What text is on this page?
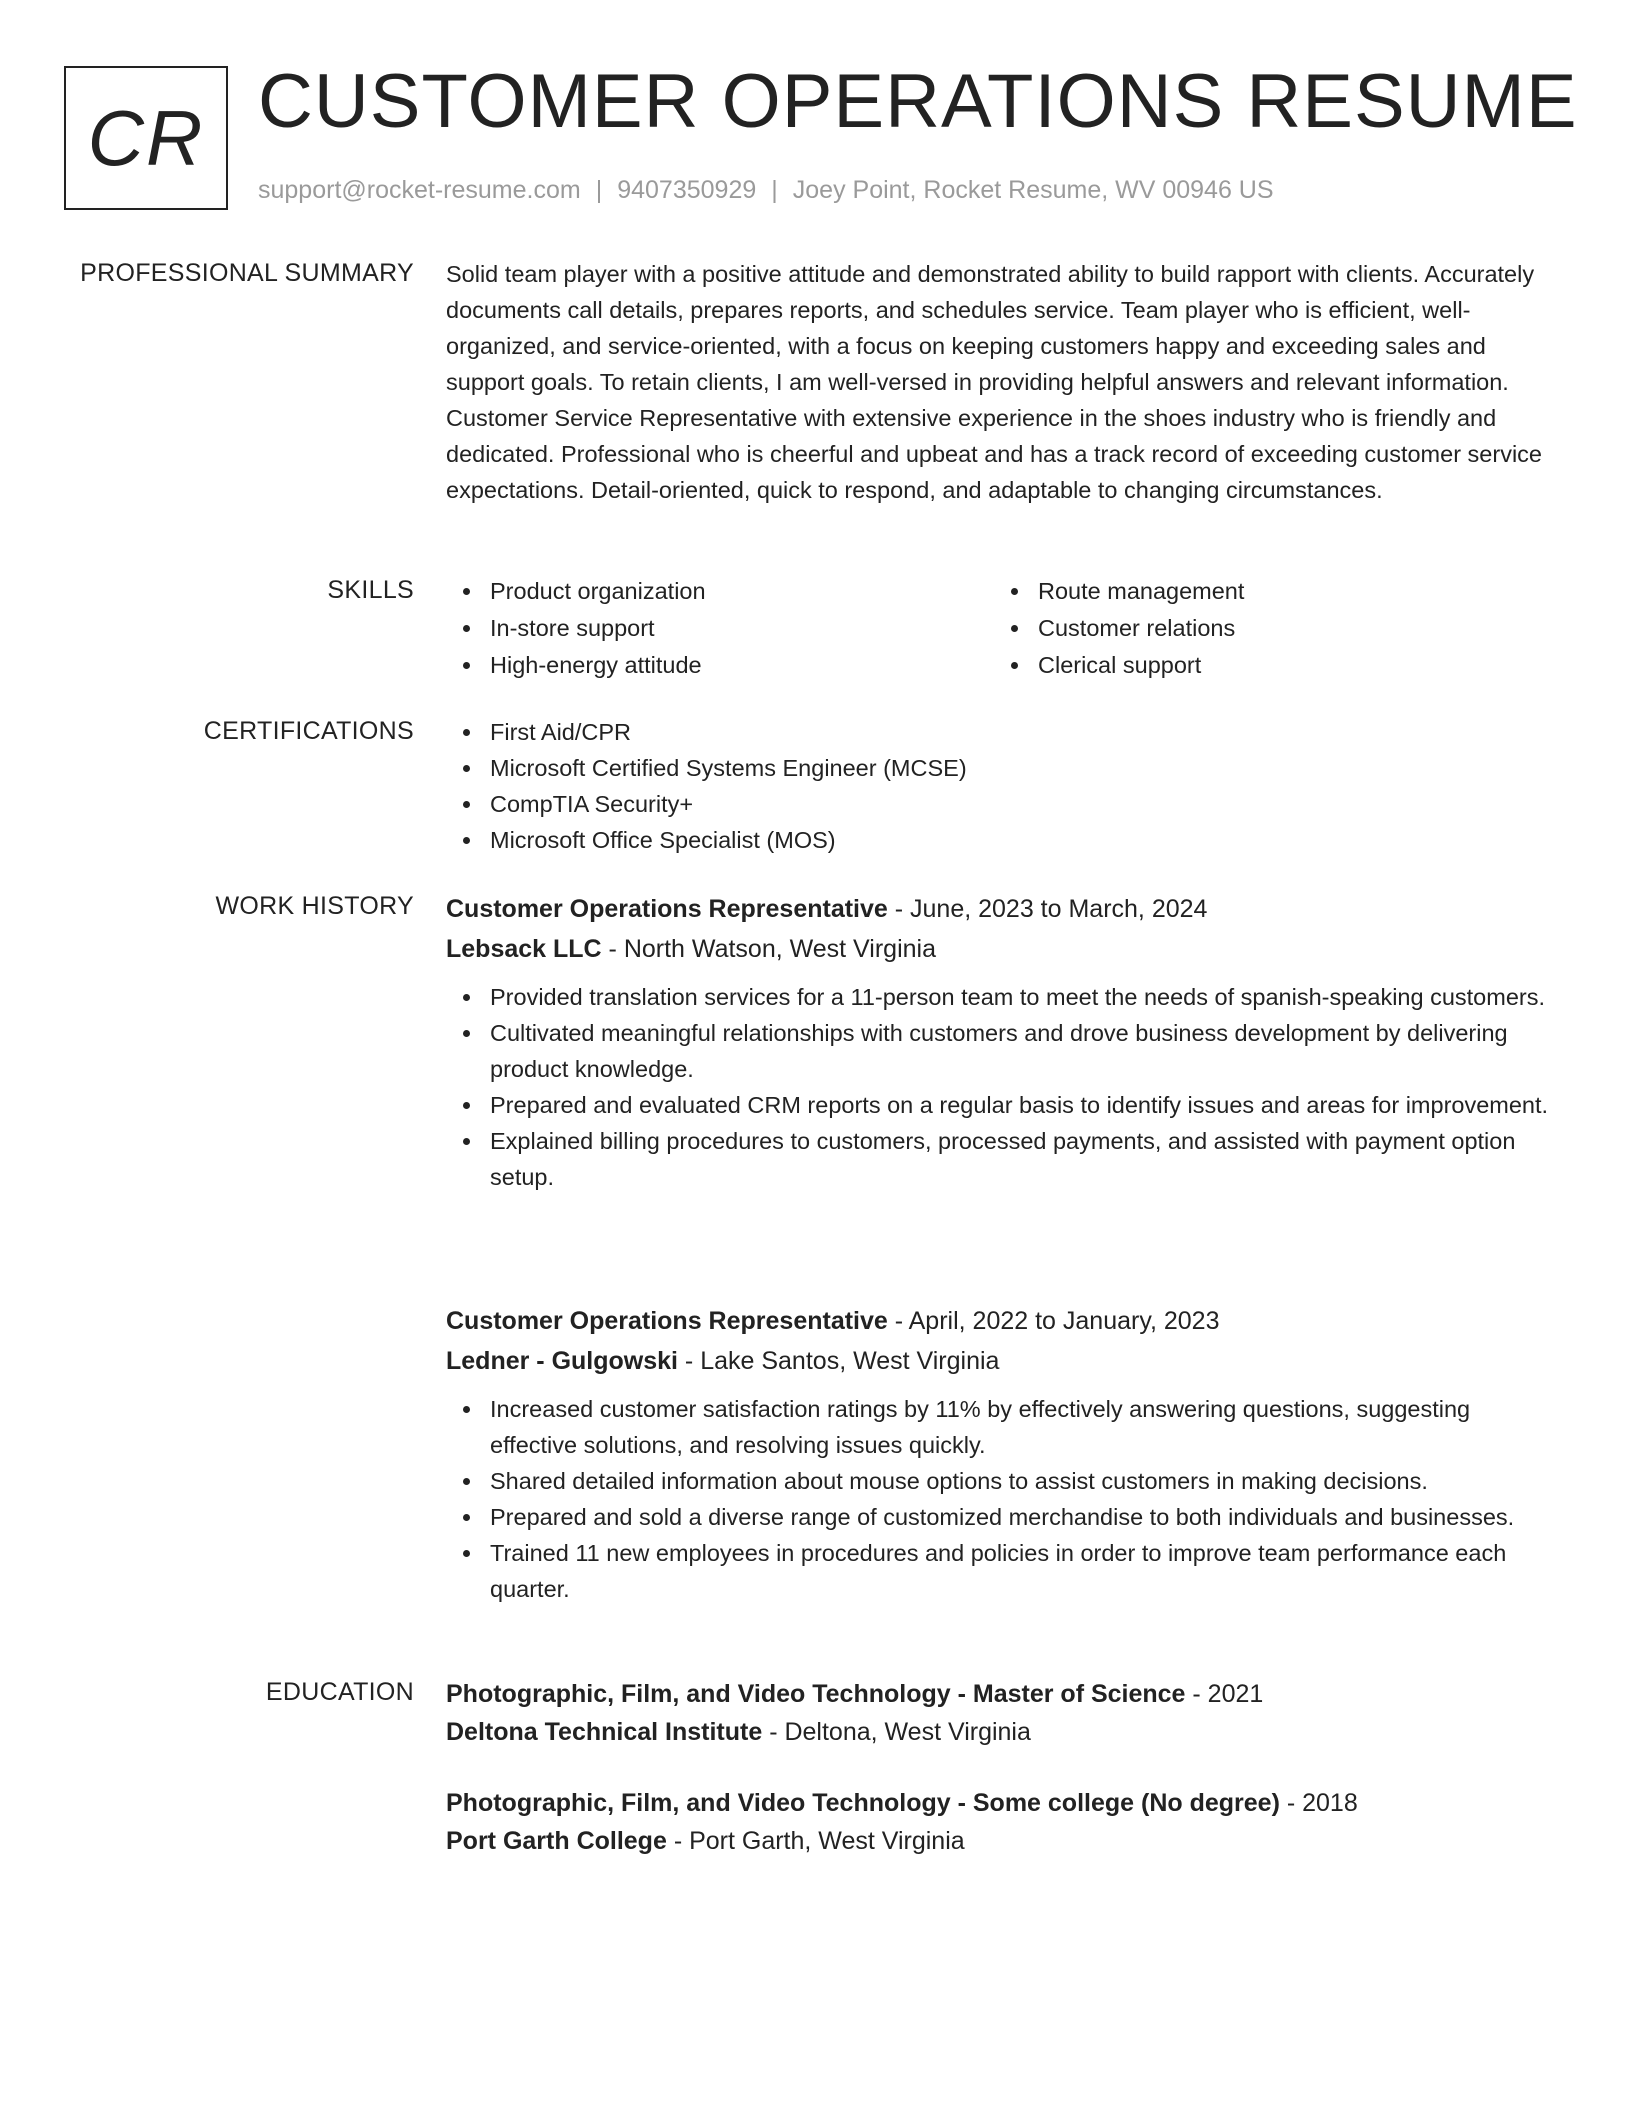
CR CUSTOMER OPERATIONS RESUME
support@rocket-resume.com | 9407350929 | Joey Point, Rocket Resume, WV 00946 US
PROFESSIONAL SUMMARY Solid team player with a positive attitude and demonstrated ability to build rapport with clients. Accurately documents call details, prepares reports, and schedules service. Team player who is efficient, well-organized, and service-oriented, with a focus on keeping customers happy and exceeding sales and support goals. To retain clients, I am well-versed in providing helpful answers and relevant information. Customer Service Representative with extensive experience in the shoes industry who is friendly and dedicated. Professional who is cheerful and upbeat and has a track record of exceeding customer service expectations. Detail-oriented, quick to respond, and adaptable to changing circumstances.
SKILLS	Product organization	Route management
In-store support	Customer relations
High-energy attitude	Clerical support
CERTIFICATIONS	First Aid/CPR
Microsoft Certified Systems Engineer (MCSE)
CompTIA Security+
Microsoft Office Specialist (MOS)
WORK HISTORY Customer Operations Representative - June, 2023 to March, 2024
Lebsack LLC - North Watson, West Virginia
Provided translation services for a 11-person team to meet the needs of spanish-speaking customers.
Cultivated meaningful relationships with customers and drove business development by delivering product knowledge.
Prepared and evaluated CRM reports on a regular basis to identify issues and areas for improvement.
Explained billing procedures to customers, processed payments, and assisted with payment option setup.
Customer Operations Representative - April, 2022 to January, 2023
Ledner - Gulgowski - Lake Santos, West Virginia
Increased customer satisfaction ratings by 11% by effectively answering questions, suggesting effective solutions, and resolving issues quickly.
Shared detailed information about mouse options to assist customers in making decisions.
Prepared and sold a diverse range of customized merchandise to both individuals and businesses.
Trained 11 new employees in procedures and policies in order to improve team performance each quarter.
EDUCATION Photographic, Film, and Video Technology - Master of Science - 2021
Deltona Technical Institute - Deltona, West Virginia
Photographic, Film, and Video Technology - Some college (No degree) - 2018
Port Garth College - Port Garth, West Virginia
